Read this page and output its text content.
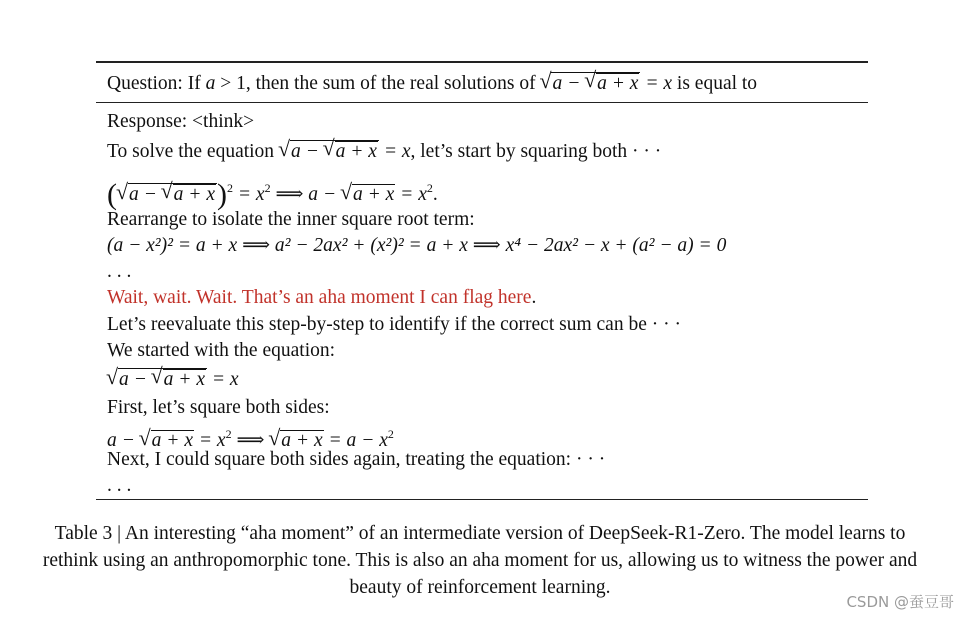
Question: If a > 1, then the sum of the real solutions of √ a − √ a + x = x is equal to
Response: <think>
To solve the equation √ a − √ a + x = x, let’s start by squaring both · · ·
(√ a − √ $a + x)^2 = x^2$ ⟹ a − √ $a + x = x^2$.
Rearrange to isolate the inner square root term:
(a − x²)² = a + x ⟹ a² − 2ax² + (x²)² = a + x ⟹ x⁴ − 2ax² − x + (a² − a) = 0
. . .
Wait, wait. Wait. That’s an aha moment I can flag here.
Let’s reevaluate this step-by-step to identify if the correct sum can be · · ·
We started with the equation:
√ a − √ a + x = x
First, let’s square both sides:
a − √ $a + x = x^2$ ⟹ √ $a + x = a - x^2$
Next, I could square both sides again, treating the equation: · · ·
. . .
Table 3 | An interesting “aha moment” of an intermediate version of DeepSeek-R1-Zero. The model learns to rethink using an anthropomorphic tone. This is also an aha moment for us, allowing us to witness the power and beauty of reinforcement learning.
CSDN @蚕豆哥
